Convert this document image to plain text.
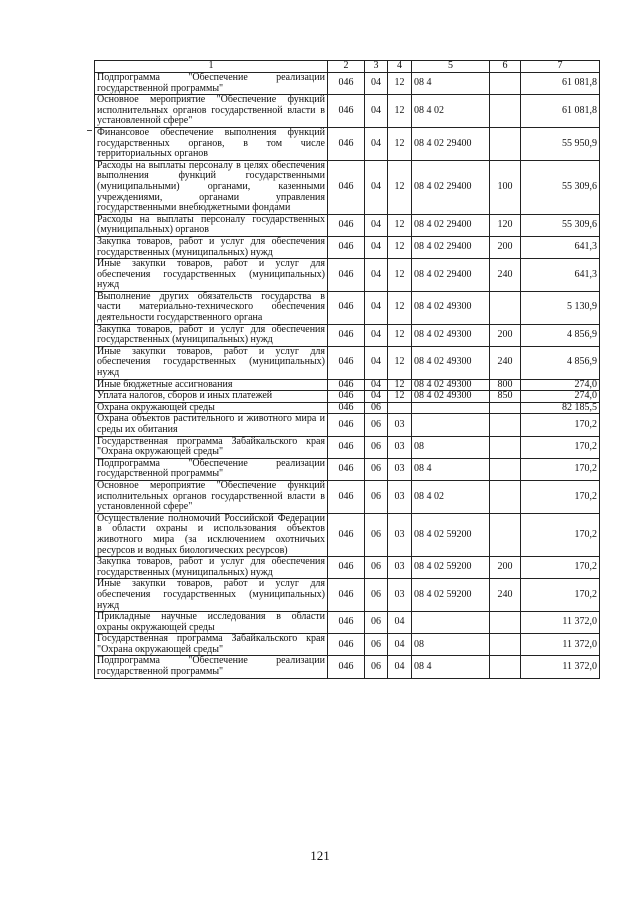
1	2	3	4	5	6	7
Подпрограмма "Обеспечение реализации государственной программы"	046	04	12	08 4		61 081,8
Основное мероприятие "Обеспечение функций исполнительных органов государственной власти в установленной сфере"	046	04	12	08 4 02		61 081,8
Финансовое обеспечение выполнения функций государственных органов, в том числе территориальных органов	046	04	12	08 4 02 29400		55 950,9
Расходы на выплаты персоналу в целях обеспечения выполнения функций государственными (муниципальными) органами, казенными учреждениями, органами управления государственными внебюджетными фондами	046	04	12	08 4 02 29400	100	55 309,6
Расходы на выплаты персоналу государственных (муниципальных) органов	046	04	12	08 4 02 29400	120	55 309,6
Закупка товаров, работ и услуг для обеспечения государственных (муниципальных) нужд	046	04	12	08 4 02 29400	200	641,3
Иные закупки товаров, работ и услуг для обеспечения государственных (муниципальных) нужд	046	04	12	08 4 02 29400	240	641,3
Выполнение других обязательств государства в части материально-технического обеспечения деятельности государственного органа	046	04	12	08 4 02 49300		5 130,9
Закупка товаров, работ и услуг для обеспечения государственных (муниципальных) нужд	046	04	12	08 4 02 49300	200	4 856,9
Иные закупки товаров, работ и услуг для обеспечения государственных (муниципальных) нужд	046	04	12	08 4 02 49300	240	4 856,9
Иные бюджетные ассигнования	046	04	12	08 4 02 49300	800	274,0
Уплата налогов, сборов и иных платежей	046	04	12	08 4 02 49300	850	274,0
Охрана окружающей среды	046	06				82 185,5
Охрана объектов растительного и животного мира и среды их обитания	046	06	03			170,2
Государственная программа Забайкальского края "Охрана окружающей среды"	046	06	03	08		170,2
Подпрограмма "Обеспечение реализации государственной программы"	046	06	03	08 4		170,2
Основное мероприятие "Обеспечение функций исполнительных органов государственной власти в установленной сфере"	046	06	03	08 4 02		170,2
Осуществление полномочий Российской Федерации в области охраны и использования объектов животного мира (за исключением охотничьих ресурсов и водных биологических ресурсов)	046	06	03	08 4 02 59200		170,2
Закупка товаров, работ и услуг для обеспечения государственных (муниципальных) нужд	046	06	03	08 4 02 59200	200	170,2
Иные закупки товаров, работ и услуг для обеспечения государственных (муниципальных) нужд	046	06	03	08 4 02 59200	240	170,2
Прикладные научные исследования в области охраны окружающей среды	046	06	04			11 372,0
Государственная программа Забайкальского края "Охрана окружающей среды"	046	06	04	08		11 372,0
Подпрограмма "Обеспечение реализации государственной программы"	046	06	04	08 4		11 372,0
121
